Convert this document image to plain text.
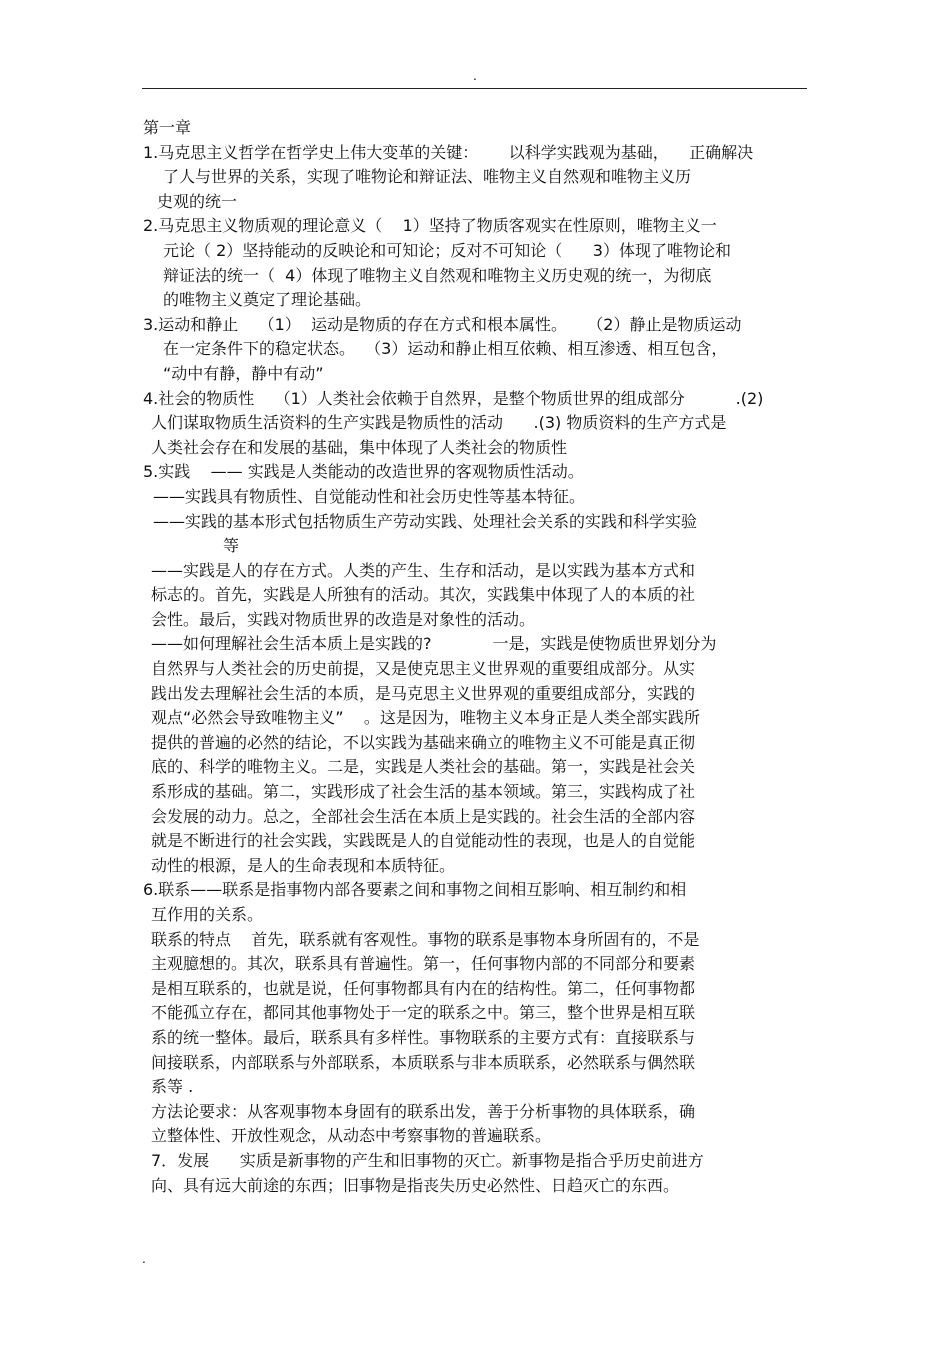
.
第一章
1.马克思主义哲学在哲学史上伟大变革的关键：      以科学实践观为基础，    正确解决
了人与世界的关系，实现了唯物论和辩证法、唯物主义自然观和唯物主义历
史观的统一
2.马克思主义物质观的理论意义（    1）坚持了物质客观实在性原则，唯物主义一
元论（ 2）坚持能动的反映论和可知论；反对不可知论（      3）体现了唯物论和
辩证法的统一（  4）体现了唯物主义自然观和唯物主义历史观的统一，为彻底
的唯物主义奠定了理论基础。
3.运动和静止    （1）  运动是物质的存在方式和根本属性。    （2）静止是物质运动
在一定条件下的稳定状态。  （3）运动和静止相互依赖、相互渗透、相互包含，
“动中有静，静中有动”
4.社会的物质性    （1）人类社会依赖于自然界，是整个物质世界的组成部分          .(2)
人们谋取物质生活资料的生产实践是物质性的活动      .(3) 物质资料的生产方式是
人类社会存在和发展的基础，集中体现了人类社会的物质性
5.实践    —— 实践是人类能动的改造世界的客观物质性活动。
——实践具有物质性、自觉能动性和社会历史性等基本特征。
——实践的基本形式包括物质生产劳动实践、处理社会关系的实践和科学实验
等
——实践是人的存在方式。人类的产生、生存和活动，是以实践为基本方式和
标志的。首先，实践是人所独有的活动。其次，实践集中体现了人的本质的社
会性。最后，实践对物质世界的改造是对象性的活动。
——如何理解社会生活本质上是实践的?            一是，实践是使物质世界划分为
自然界与人类社会的历史前提，又是使克思主义世界观的重要组成部分。从实
践出发去理解社会生活的本质，是马克思主义世界观的重要组成部分，实践的
观点“必然会导致唯物主义”    。这是因为，唯物主义本身正是人类全部实践所
提供的普遍的必然的结论，不以实践为基础来确立的唯物主义不可能是真正彻
底的、科学的唯物主义。二是，实践是人类社会的基础。第一，实践是社会关
系形成的基础。第二，实践形成了社会生活的基本领域。第三，实践构成了社
会发展的动力。总之，全部社会生活在本质上是实践的。社会生活的全部内容
就是不断进行的社会实践，实践既是人的自觉能动性的表现，也是人的自觉能
动性的根源，是人的生命表现和本质特征。
6.联系——联系是指事物内部各要素之间和事物之间相互影响、相互制约和相
互作用的关系。
联系的特点    首先，联系就有客观性。事物的联系是事物本身所固有的，不是
主观臆想的。其次，联系具有普遍性。第一，任何事物内部的不同部分和要素
是相互联系的，也就是说，任何事物都具有内在的结构性。第二，任何事物都
不能孤立存在，都同其他事物处于一定的联系之中。第三，整个世界是相互联
系的统一整体。最后，联系具有多样性。事物联系的主要方式有：直接联系与
间接联系，内部联系与外部联系，本质联系与非本质联系，必然联系与偶然联
系等 .
方法论要求：从客观事物本身固有的联系出发，善于分析事物的具体联系，确
立整体性、开放性观念，从动态中考察事物的普遍联系。
7．发展      实质是新事物的产生和旧事物的灭亡。新事物是指合乎历史前进方
向、具有远大前途的东西；旧事物是指丧失历史必然性、日趋灭亡的东西。
.
